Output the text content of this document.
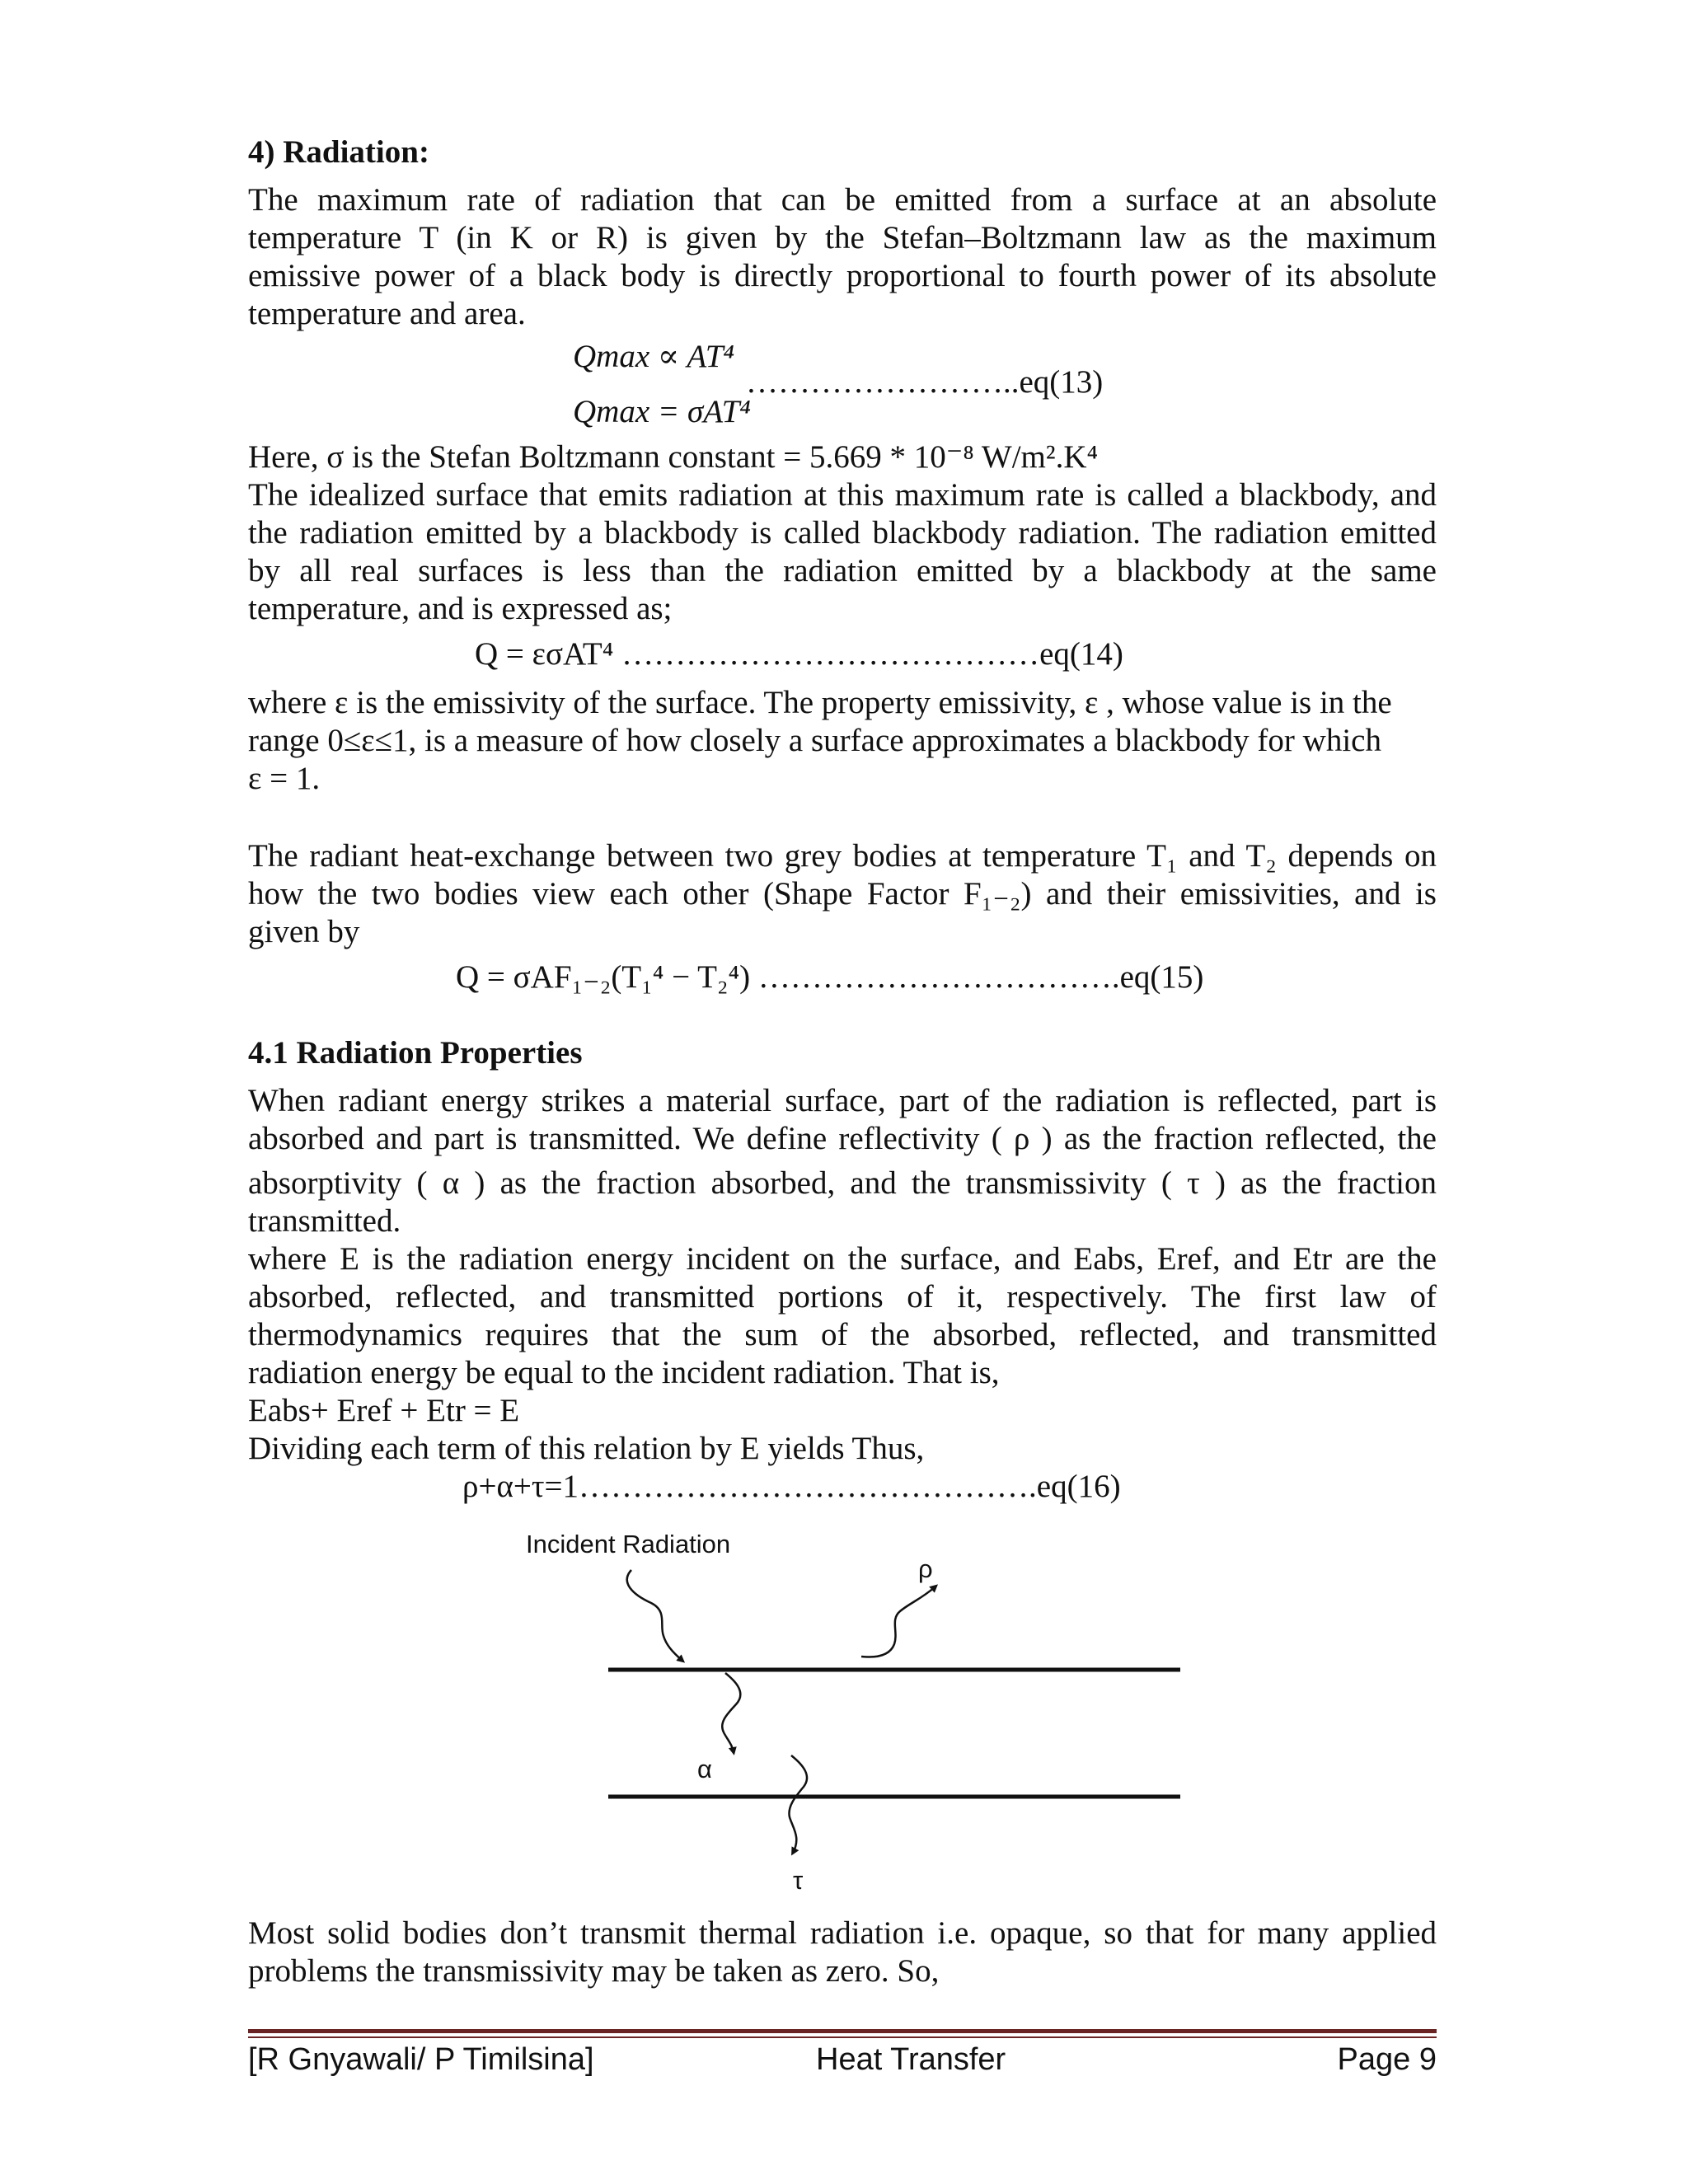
4) Radiation:
The maximum rate of radiation that can be emitted from a surface at an absolute
temperature T (in K or R) is given by the Stefan–Boltzmann law as the maximum
emissive power of a black body is directly proportional to fourth power of its absolute
temperature and area.
Qmax ∝ AT⁴
……………………..eq(13)
Qmax = σAT⁴
Here, σ is the Stefan Boltzmann constant = 5.669 * 10⁻⁸ W/m².K⁴
The idealized surface that emits radiation at this maximum rate is called a blackbody, and
the radiation emitted by a blackbody is called blackbody radiation. The radiation emitted
by all real surfaces is less than the radiation emitted by a blackbody at the same
temperature, and is expressed as;
Q = εσAT⁴ …………………………………eq(14)
where ε is the emissivity of the surface. The property emissivity, ε , whose value is in the
range 0≤ε≤1, is a measure of how closely a surface approximates a blackbody for which
ε = 1.
The radiant heat-exchange between two grey bodies at temperature T₁ and T₂ depends on
how the two bodies view each other (Shape Factor F₁₋₂) and their emissivities, and is
given by
Q = σAF₁₋₂(T₁⁴ − T₂⁴) …………………………….eq(15)
4.1 Radiation Properties
When radiant energy strikes a material surface, part of the radiation is reflected, part is
absorbed and part is transmitted. We define reflectivity ( ρ ) as the fraction reflected, the
absorptivity ( α ) as the fraction absorbed, and the transmissivity ( τ ) as the fraction
transmitted.
where E is the radiation energy incident on the surface, and Eabs, Eref, and Etr are the
absorbed, reflected, and transmitted portions of it, respectively. The first law of
thermodynamics requires that the sum of the absorbed, reflected, and transmitted
radiation energy be equal to the incident radiation. That is,
Eabs+ Eref + Etr = E
Dividing each term of this relation by E yields Thus,
ρ+α+τ=1…………………………………….eq(16)
Incident Radiation
ρ
α
τ
Most solid bodies don’t transmit thermal radiation i.e. opaque, so that for many applied
problems the transmissivity may be taken as zero. So,
[R Gnyawali/ P Timilsina]	Heat Transfer	Page 9
